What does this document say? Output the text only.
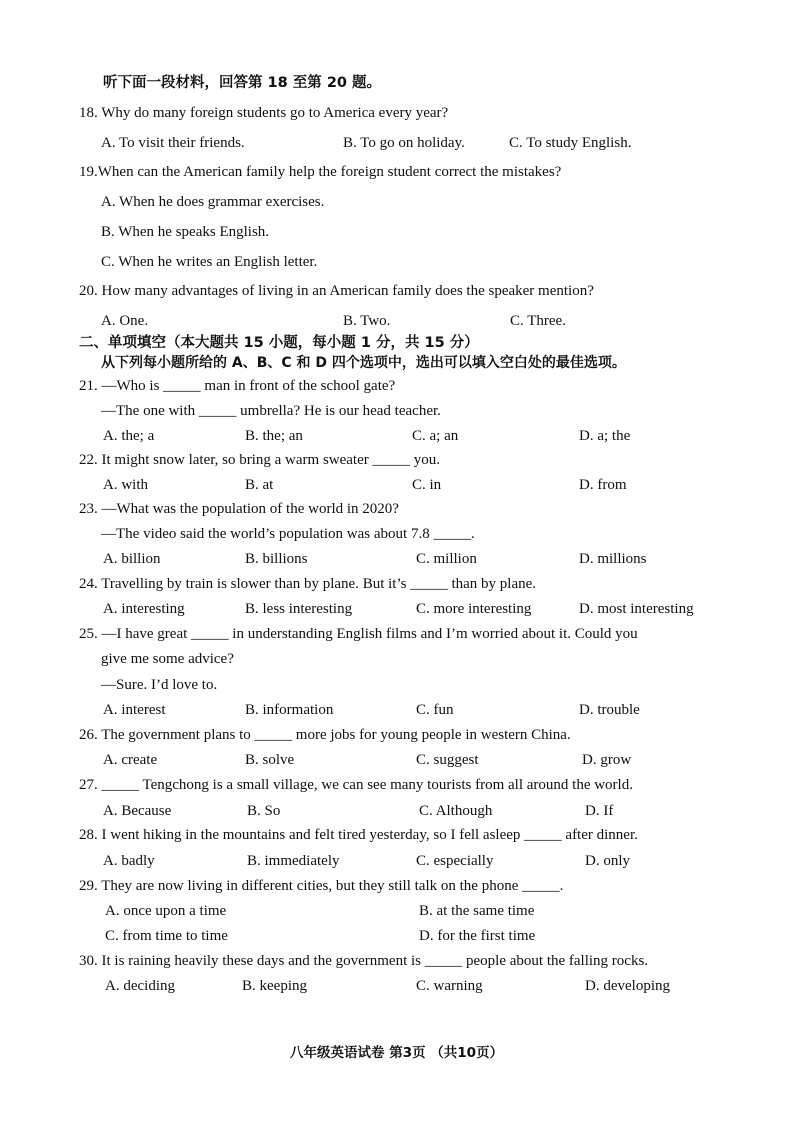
听下面一段材料，回答第 18 至第 20 题。
18. Why do many foreign students go to America every year?
A. To visit their friends.	B. To go on holiday.	C. To study English.
19.When can the American family help the foreign student correct the mistakes?
A. When he does grammar exercises.
B. When he speaks English.
C. When he writes an English letter.
20. How many advantages of living in an American family does the speaker mention?
A. One.	B. Two.	C. Three.
二、单项填空（本大题共 15 小题，每小题 1 分，共 15 分）
从下列每小题所给的 A、B、C 和 D 四个选项中，选出可以填入空白处的最佳选项。
21. —Who is _____ man in front of the school gate?
—The one with _____ umbrella? He is our head teacher.
A. the; a	B. the; an	C. a; an	D. a; the
22. It might snow later, so bring a warm sweater _____ you.
A. with	B. at	C. in	D. from
23. —What was the population of the world in 2020?
—The video said the world’s population was about 7.8 _____.
A. billion	B. billions	C. million	D. millions
24. Travelling by train is slower than by plane. But it’s _____ than by plane.
A. interesting	B. less interesting	C. more interesting	D. most interesting
25. —I have great _____ in understanding English films and I’m worried about it. Could you
give me some advice?
—Sure. I’d love to.
A. interest	B. information	C. fun	D. trouble
26. The government plans to _____ more jobs for young people in western China.
A. create	B. solve	C. suggest	D. grow
27. _____ Tengchong is a small village, we can see many tourists from all around the world.
A. Because	B. So	C. Although	D. If
28. I went hiking in the mountains and felt tired yesterday, so I fell asleep _____ after dinner.
A. badly	B. immediately	C. especially	D. only
29. They are now living in different cities, but they still talk on the phone _____.
A. once upon a time	B. at the same time
C. from time to time	D. for the first time
30. It is raining heavily these days and the government is _____ people about the falling rocks.
A. deciding	B. keeping	C. warning	D. developing
八年级英语试卷 第3页 （共10页）
